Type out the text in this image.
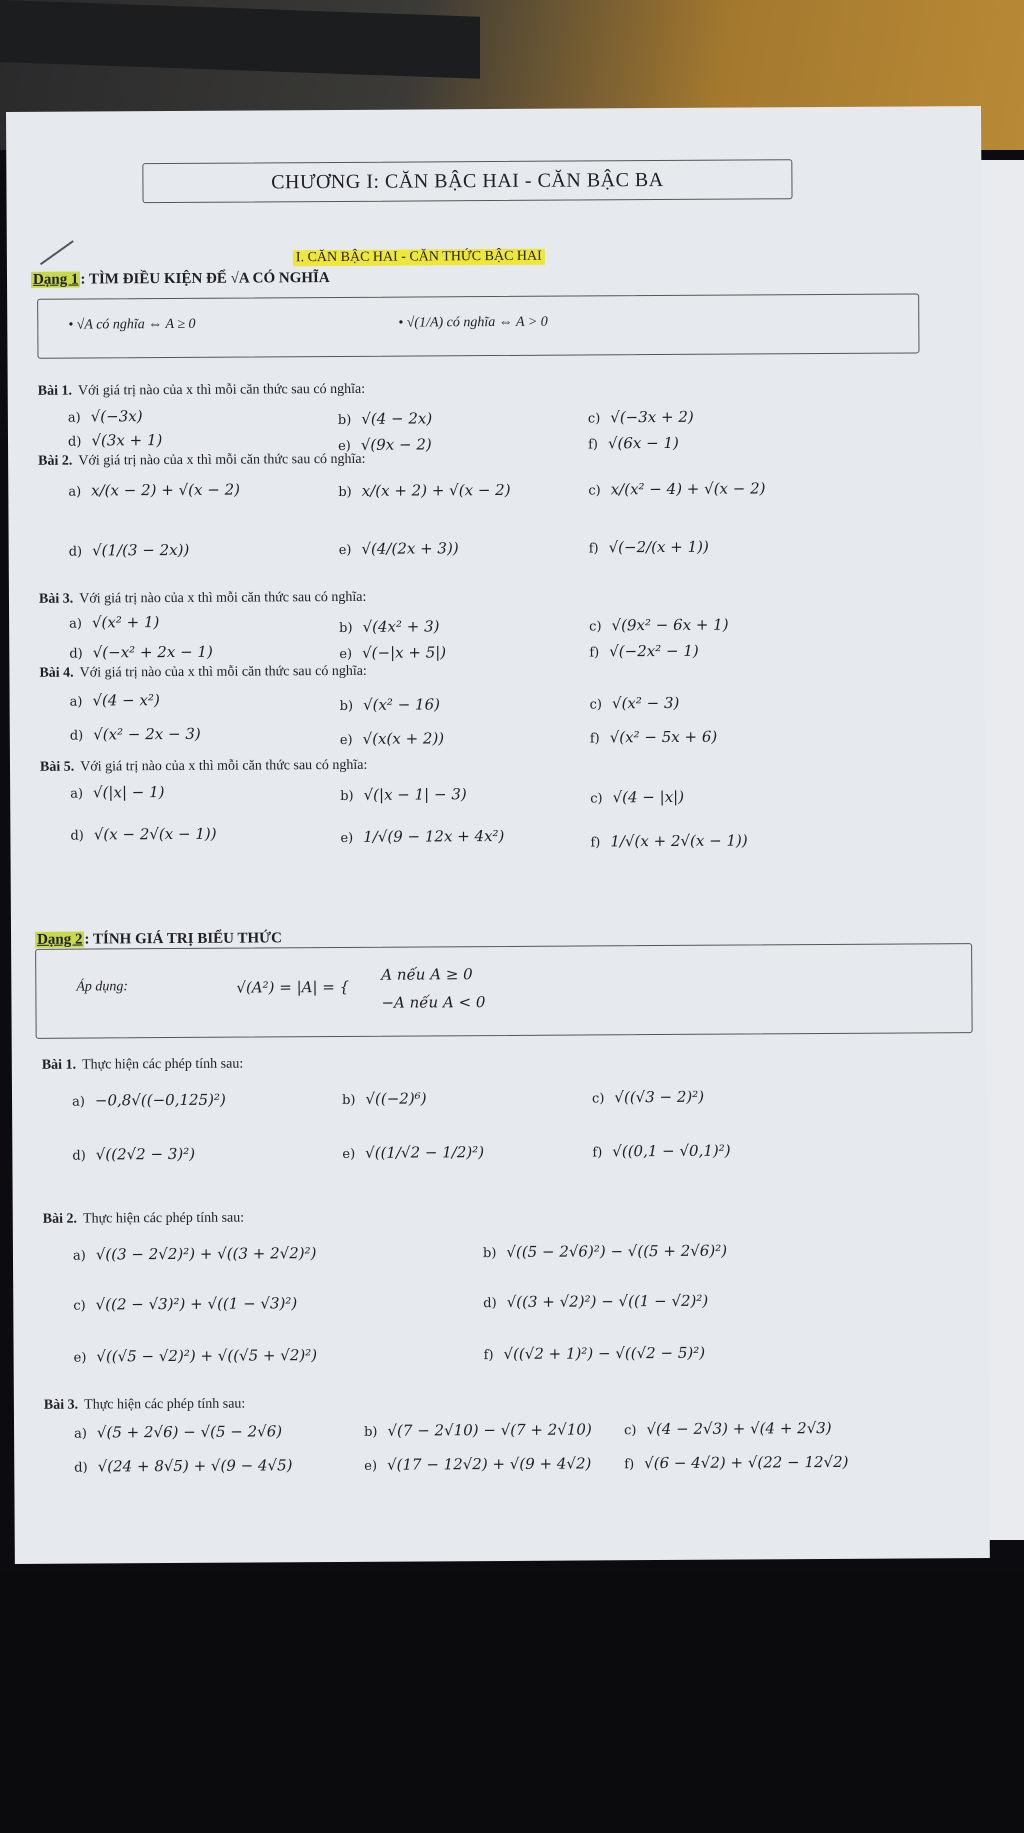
CHƯƠNG I: CĂN BẬC HAI - CĂN BẬC BA
I. CĂN BẬC HAI - CĂN THỨC BẬC HAI
Dạng 1 : TÌM ĐIỀU KIỆN ĐỂ √A CÓ NGHĨA
• √A có nghĩa ⇔ A ≥ 0	• √(1/A) có nghĩa ⇔ A > 0
Bài 1. Với giá trị nào của x thì mỗi căn thức sau có nghĩa:
a) √(−3x)	b) √(4 − 2x)	c) √(−3x + 2)
d) √(3x + 1)	e) √(9x − 2)	f) √(6x − 1)
Bài 2. Với giá trị nào của x thì mỗi căn thức sau có nghĩa:
a) x/(x − 2) + √(x − 2)	b) x/(x + 2) + √(x − 2)	c) x/(x² − 4) + √(x − 2)
d) √(1/(3 − 2x))	e) √(4/(2x + 3))	f) √(−2/(x + 1))
Bài 3. Với giá trị nào của x thì mỗi căn thức sau có nghĩa:
a) √(x² + 1)	b) √(4x² + 3)	c) √(9x² − 6x + 1)
d) √(−x² + 2x − 1)	e) √(−|x + 5|)	f) √(−2x² − 1)
Bài 4. Với giá trị nào của x thì mỗi căn thức sau có nghĩa:
a) √(4 − x²)	b) √(x² − 16)	c) √(x² − 3)
d) √(x² − 2x − 3)	e) √(x(x + 2))	f) √(x² − 5x + 6)
Bài 5. Với giá trị nào của x thì mỗi căn thức sau có nghĩa:
a) √(|x| − 1)	b) √(|x − 1| − 3)	c) √(4 − |x|)
d) √(x − 2√(x − 1))	e) 1/√(9 − 12x + 4x²)	f) 1/√(x + 2√(x − 1))
Dạng 2 : TÍNH GIÁ TRỊ BIỂU THỨC
Áp dụng:	√(A²) = |A| = {
A nếu A ≥ 0
−A nếu A < 0
Bài 1. Thực hiện các phép tính sau:
a) −0,8√((−0,125)²)	b) √((−2)⁶)	c) √((√3 − 2)²)
d) √((2√2 − 3)²)	e) √((1/√2 − 1/2)²)	f) √((0,1 − √0,1)²)
Bài 2. Thực hiện các phép tính sau:
a) √((3 − 2√2)²) + √((3 + 2√2)²)	b) √((5 − 2√6)²) − √((5 + 2√6)²)
c) √((2 − √3)²) + √((1 − √3)²)	d) √((3 + √2)²) − √((1 − √2)²)
e) √((√5 − √2)²) + √((√5 + √2)²)	f) √((√2 + 1)²) − √((√2 − 5)²)
Bài 3. Thực hiện các phép tính sau:
a) √(5 + 2√6) − √(5 − 2√6)	b) √(7 − 2√10) − √(7 + 2√10) c) √(4 − 2√3) + √(4 + 2√3)
d) √(24 + 8√5) + √(9 − 4√5)	e) √(17 − 12√2) + √(9 + 4√2)	f) √(6 − 4√2) + √(22 − 12√2)
